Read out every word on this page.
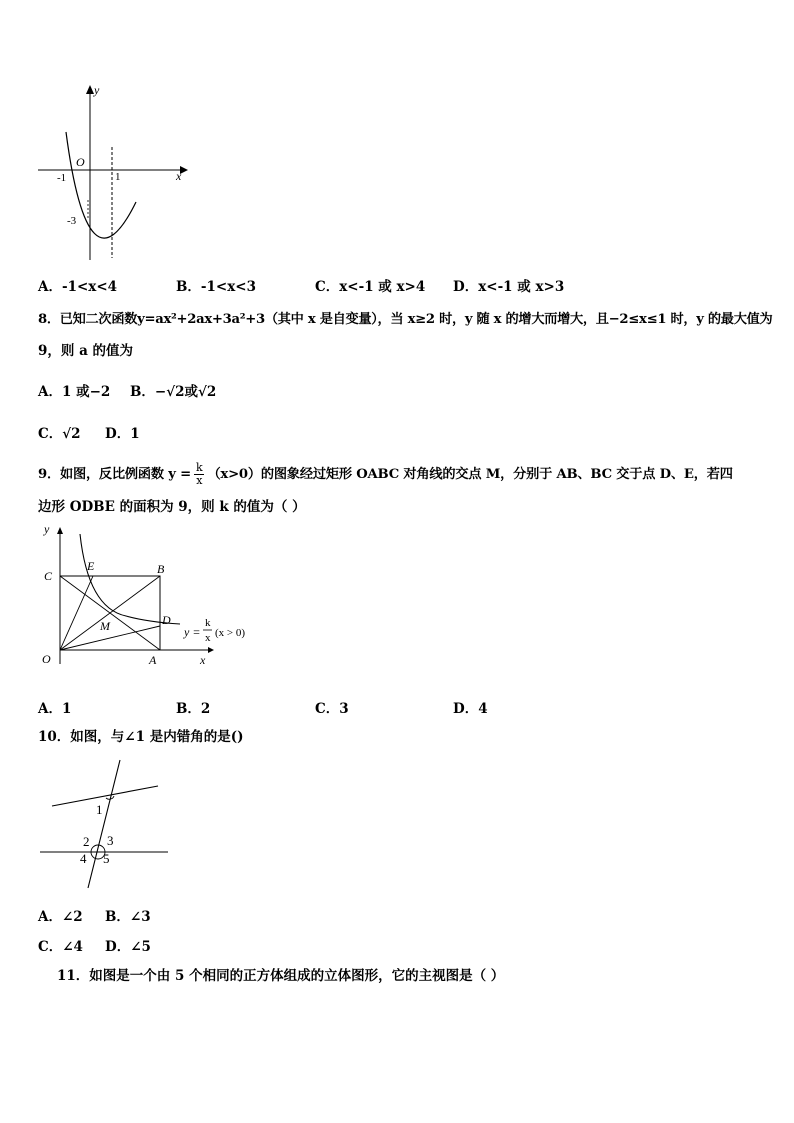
y
x
O
-1	1
-3
A．-1<x<4	B．-1<x<3	C．x<-1 或 x>4 D．x<-1 或 x>3
8．已知二次函数y=ax²+2ax+3a²+3（其中 x 是自变量），当 x≥2 时，y 随 x 的增大而增大，且−2≤x≤1 时，y 的最大值为
9，则 a 的值为
A．1 或−2 B．−√2或√2
C．√2 D．1
9．如图，反比例函数 $y = \frac{k}{x} (x>0)$的图象经过矩形 OABC 对角线的交点 M，分别于 AB、BC 交于点 D、E，若四
边形 ODBE 的面积为 9，则 k 的值为（ ）
y
x
O	A
B
C
D
E
M	y =
k
x (x > 0)
A．1	B．2	C．3	D．4
10．如图，与∠1 是内错角的是()
1
2 3
4 5
A．∠2 B．∠3
C．∠4 D．∠5
11．如图是一个由 5 个相同的正方体组成的立体图形，它的主视图是（ ）
